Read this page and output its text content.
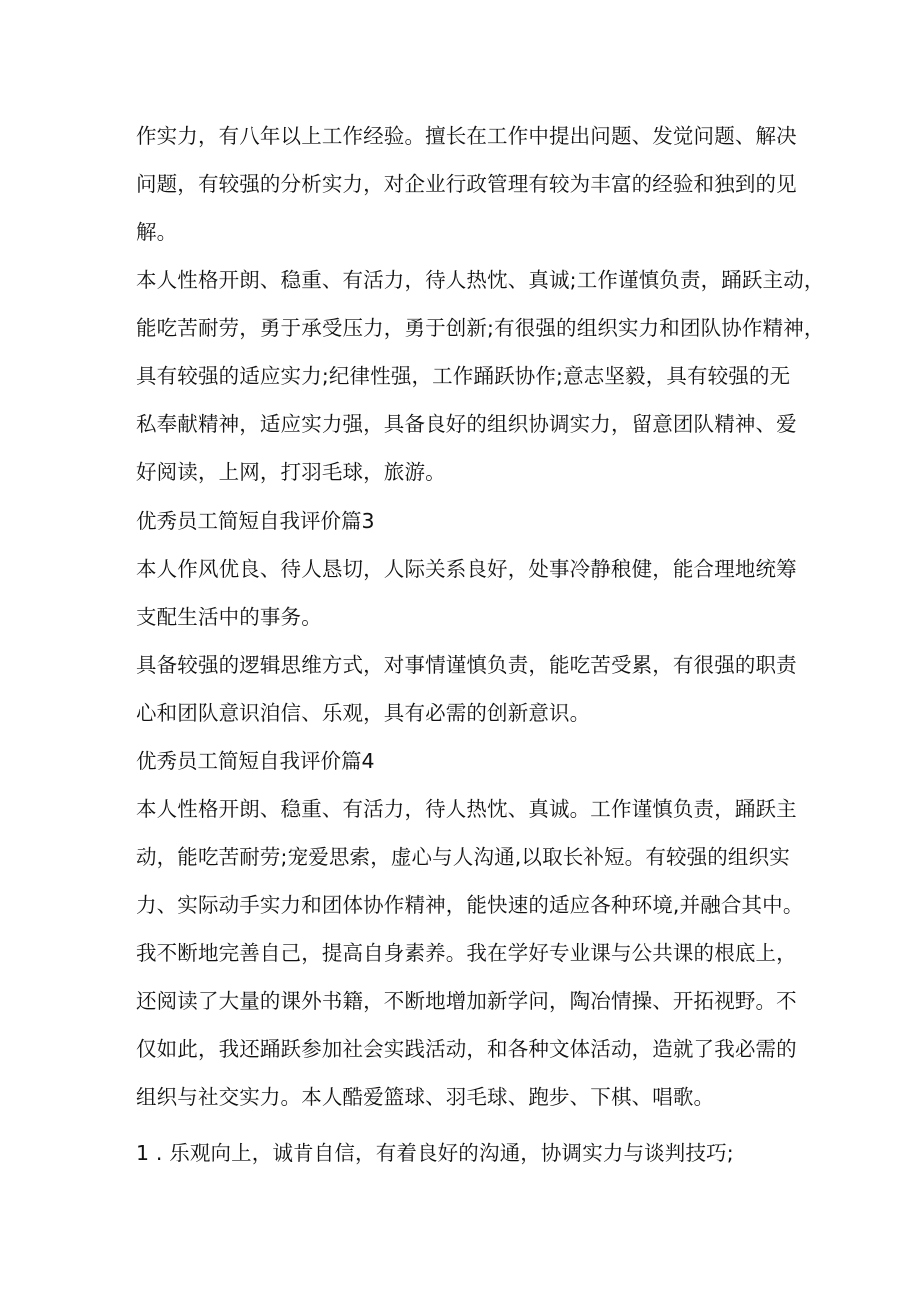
作实力，有八年以上工作经验。擅长在工作中提出问题、发觉问题、解决
问题，有较强的分析实力，对企业行政管理有较为丰富的经验和独到的见
解。
本人性格开朗、稳重、有活力，待人热忱、真诚;工作谨慎负责，踊跃主动，
能吃苦耐劳，勇于承受压力，勇于创新;有很强的组织实力和团队协作精神，
具有较强的适应实力;纪律性强，工作踊跃协作;意志坚毅，具有较强的无
私奉献精神，适应实力强，具备良好的组织协调实力，留意团队精神、爱
好阅读，上网，打羽毛球，旅游。
优秀员工简短自我评价篇3
本人作风优良、待人恳切，人际关系良好，处事冷静稂健，能合理地统筹
支配生活中的事务。
具备较强的逻辑思维方式，对事情谨慎负责，能吃苦受累，有很强的职责
心和团队意识洎信、乐观，具有必需的创新意识。
优秀员工简短自我评价篇4
本人性格开朗、稳重、有活力，待人热忱、真诚。工作谨慎负责，踊跃主
动，能吃苦耐劳;宠爱思索，虚心与人沟通,以取长补短。有较强的组织实
力、实际动手实力和团体协作精神，能快速的适应各种环境,并融合其中。
我不断地完善自己，提高自身素养。我在学好专业课与公共课的根底上，
还阅读了大量的课外书籍，不断地增加新学问，陶冶情操、开拓视野。不
仅如此，我还踊跃参加社会实践活动，和各种文体活动，造就了我必需的
组织与社交实力。本人酷爱篮球、羽毛球、跑步、下棋、唱歌。
1 . 乐观向上，诚肯自信，有着良好的沟通，协调实力与谈判技巧;
